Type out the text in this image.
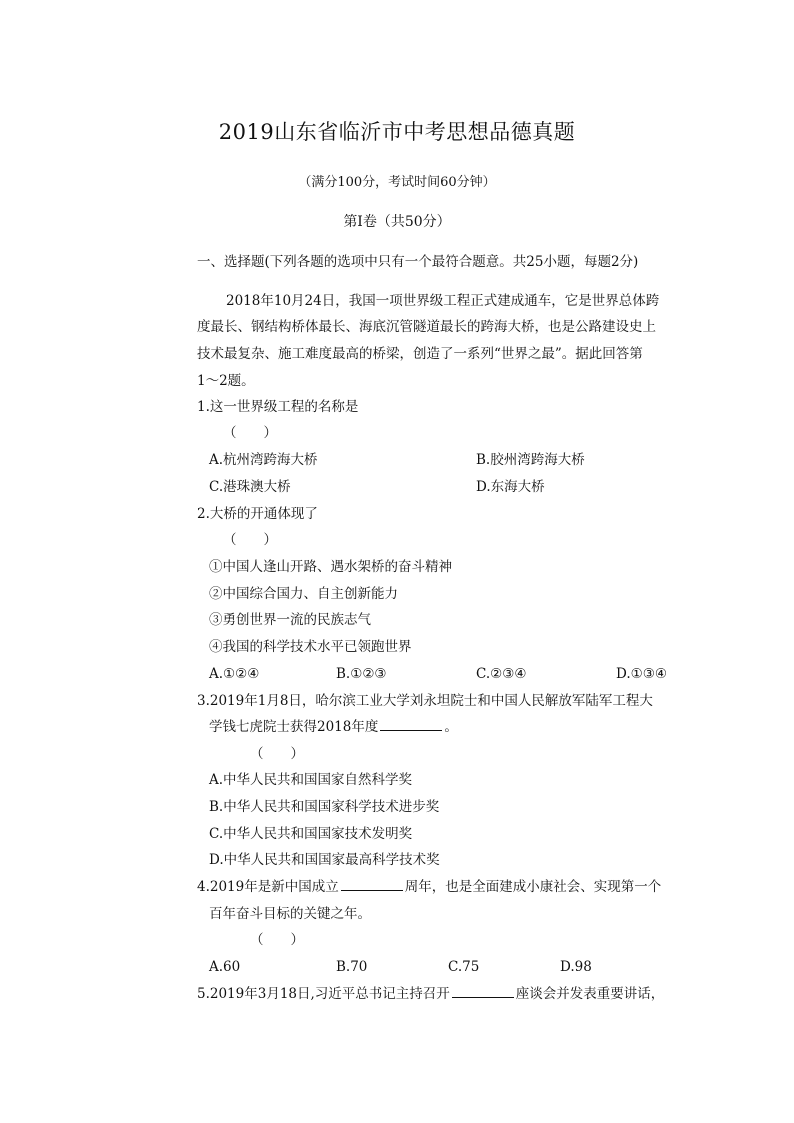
2019山东省临沂市中考思想品德真题
（满分100分，考试时间60分钟）
第Ⅰ卷（共50分）
一、选择题(下列各题的选项中只有一个最符合题意。共25小题，每题2分)
2018年10月24日，我国一项世界级工程正式建成通车，它是世界总体跨
度最长、钢结构桥体最长、海底沉管隧道最长的跨海大桥，也是公路建设史上
技术最复杂、施工难度最高的桥梁，创造了一系列“世界之最”。据此回答第
1～2题。
1.这一世界级工程的名称是
（　　）
A.杭州湾跨海大桥	B.胶州湾跨海大桥
C.港珠澳大桥	D.东海大桥
2.大桥的开通体现了
（　　）
①中国人逢山开路、遇水架桥的奋斗精神
②中国综合国力、自主创新能力
③勇创世界一流的民族志气
④我国的科学技术水平已领跑世界
A.①②④	B.①②③	C.②③④	D.①③④
3.2019年1月8日，哈尔滨工业大学刘永坦院士和中国人民解放军陆军工程大
学钱七虎院士获得2018年度	。
（　　）
A.中华人民共和国国家自然科学奖
B.中华人民共和国国家科学技术进步奖
C.中华人民共和国国家技术发明奖
D.中华人民共和国国家最高科学技术奖
4.2019年是新中国成立	周年，也是全面建成小康社会、实现第一个
百年奋斗目标的关键之年。
（　　）
A.60	B.70	C.75	D.98
5.2019年3月18日,习近平总书记主持召开	座谈会并发表重要讲话，
